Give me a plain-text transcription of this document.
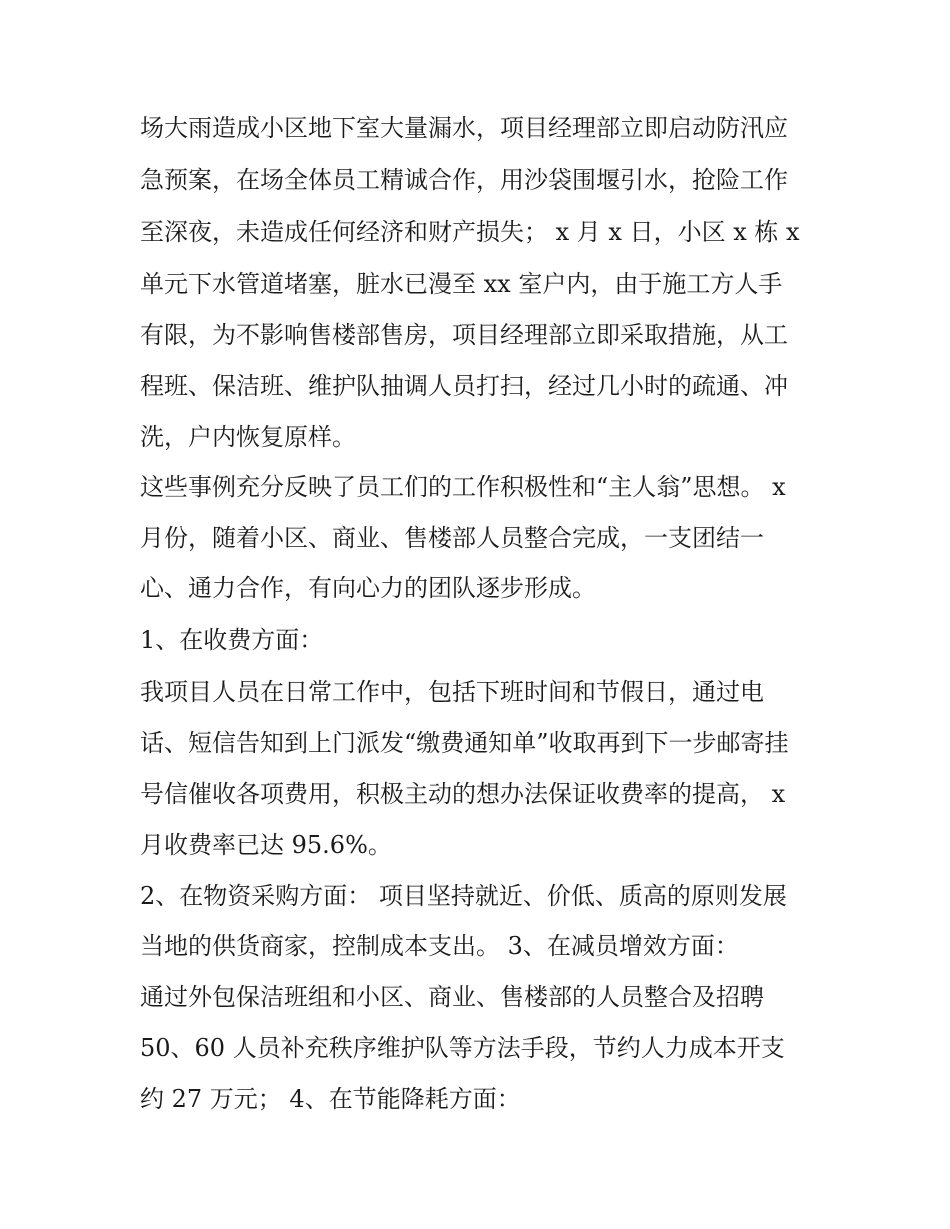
场大雨造成小区地下室大量漏水，项目经理部立即启动防汛应
急预案，在场全体员工精诚合作，用沙袋围堰引水，抢险工作
至深夜，未造成任何经济和财产损失； x 月 x 日，小区 x 栋 x
单元下水管道堵塞，脏水已漫至 xx 室户内，由于施工方人手
有限，为不影响售楼部售房，项目经理部立即采取措施，从工
程班、保洁班、维护队抽调人员打扫，经过几小时的疏通、冲
洗，户内恢复原样。
这些事例充分反映了员工们的工作积极性和“主人翁”思想。 x
月份，随着小区、商业、售楼部人员整合完成，一支团结一
心、通力合作，有向心力的团队逐步形成。
1、在收费方面：
我项目人员在日常工作中，包括下班时间和节假日，通过电
话、短信告知到上门派发“缴费通知单”收取再到下一步邮寄挂
号信催收各项费用，积极主动的想办法保证收费率的提高， x
月收费率已达 95.6%。
2、在物资采购方面： 项目坚持就近、价低、质高的原则发展
当地的供货商家，控制成本支出。 3、在减员增效方面：
通过外包保洁班组和小区、商业、售楼部的人员整合及招聘
50、60 人员补充秩序维护队等方法手段，节约人力成本开支
约 27 万元； 4、在节能降耗方面：
